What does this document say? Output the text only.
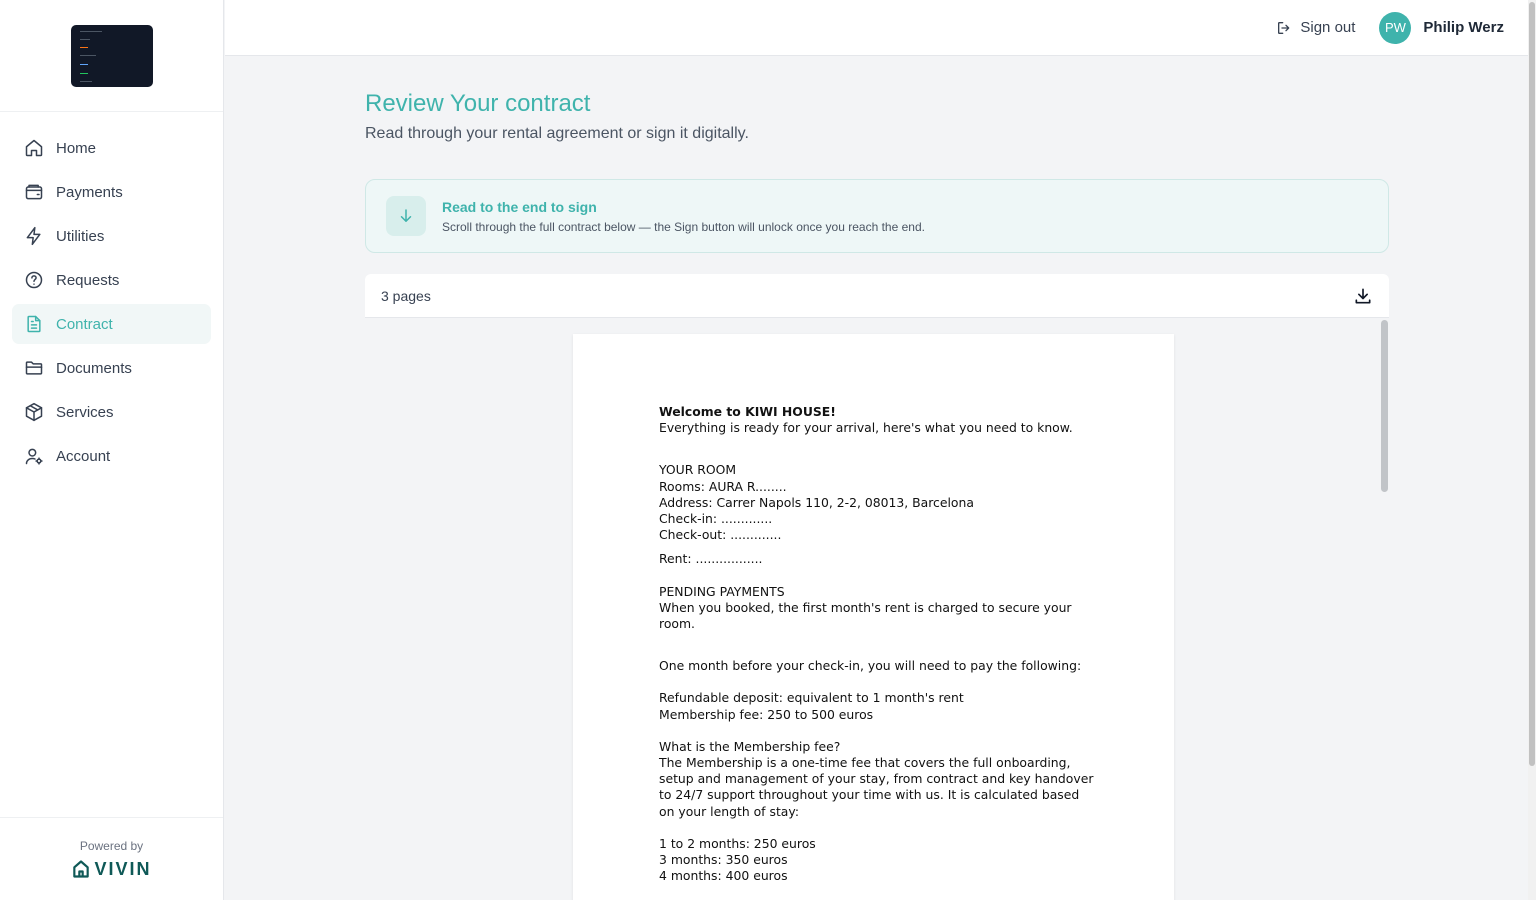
Home
Payments
Utilities
Requests
Contract
Documents
Services
Account
Powered by
VIVIN
Sign out	PW	Philip Werz
Review Your contract

Read through your rental agreement or sign it digitally.

Read to the end to sign
Scroll through the full contract below — the Sign button will unlock once you reach the end.
3 pages

Welcome to KIWI HOUSE!

Everything is ready for your arrival, here's what you need to know.

YOUR ROOM

Rooms: AURA R........

Address: Carrer Napols 110, 2-2, 08013, Barcelona

Check-in: .............

Check-out: .............

Rent: .................

PENDING PAYMENTS

When you booked, the first month's rent is charged to secure your

room.

One month before your check-in, you will need to pay the following:

Refundable deposit: equivalent to 1 month's rent

Membership fee: 250 to 500 euros

What is the Membership fee?

The Membership is a one-time fee that covers the full onboarding,

setup and management of your stay, from contract and key handover

to 24/7 support throughout your time with us. It is calculated based

on your length of stay:

1 to 2 months: 250 euros

3 months: 350 euros

4 months: 400 euros
